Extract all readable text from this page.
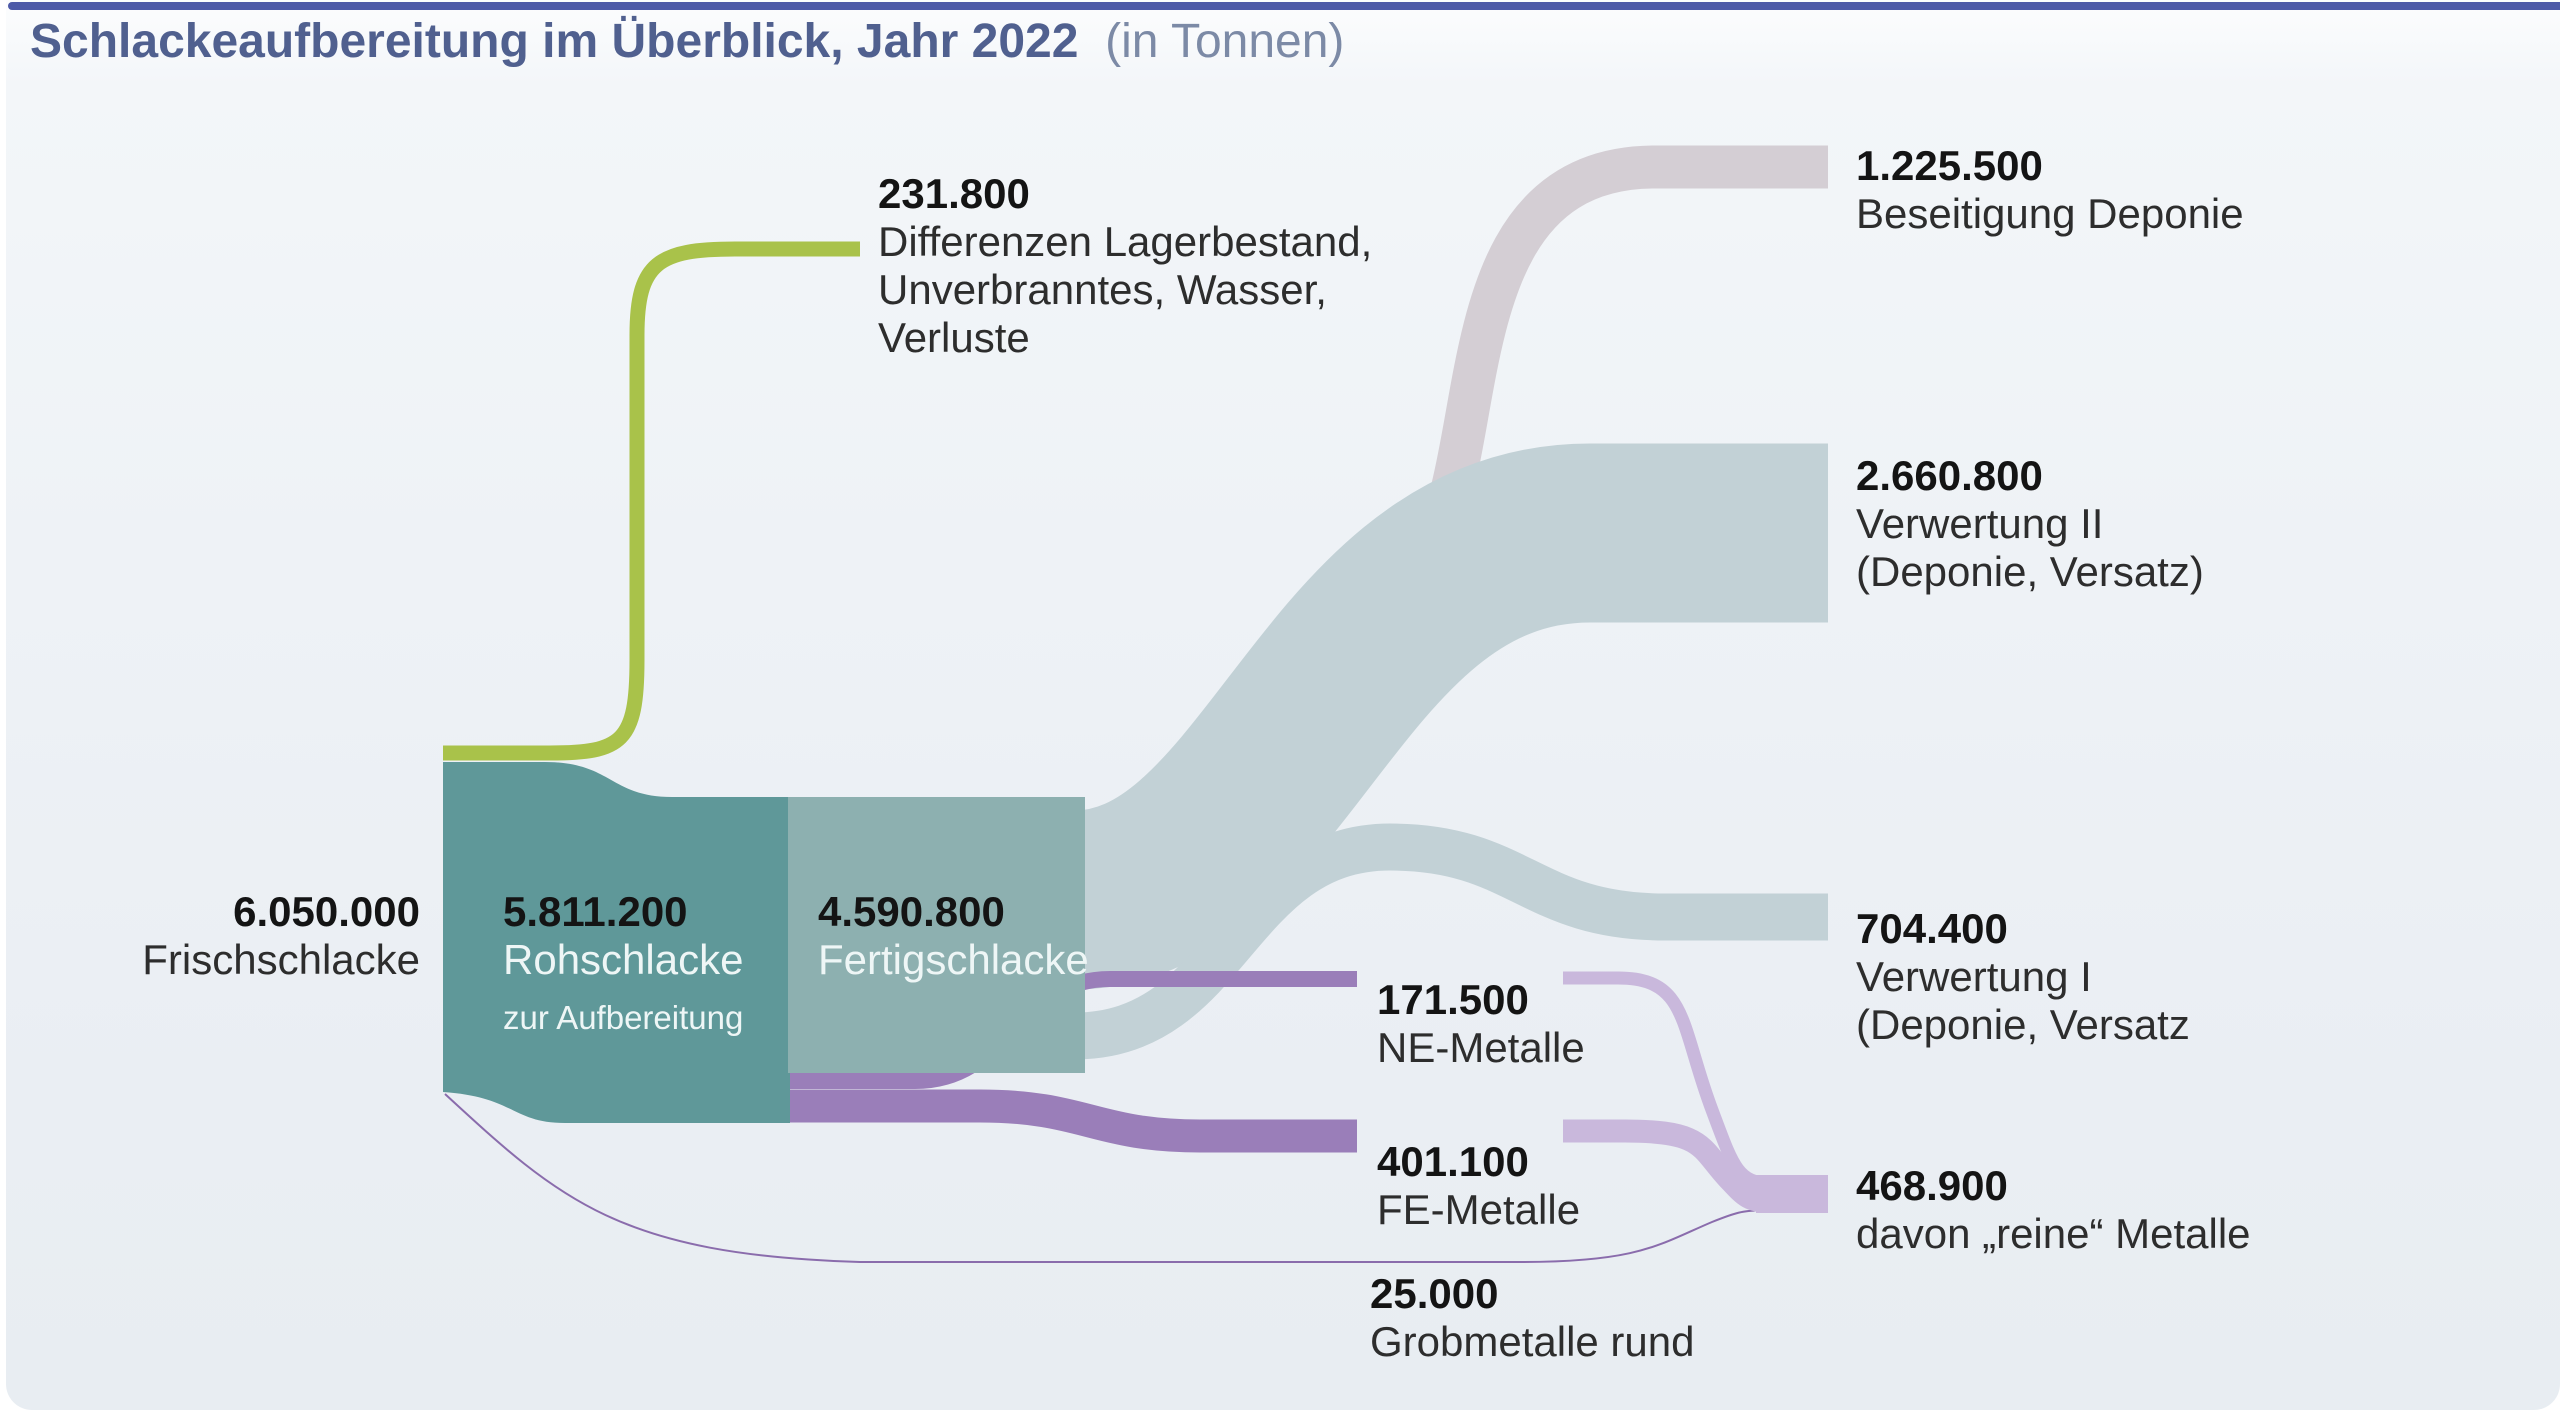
Schlackeaufbereitung im Überblick, Jahr 2022 (in Tonnen)
6.050.000
Frischschlacke
5.811.200
Rohschlacke
zur Aufbereitung
4.590.800
Fertigschlacke
231.800
Differenzen Lagerbestand,
Unverbranntes, Wasser,
Verluste
1.225.500
Beseitigung Deponie
2.660.800
Verwertung II
(Deponie, Versatz)
704.400
Verwertung I
(Deponie, Versatz
468.900
davon „reine“ Metalle
171.500
NE-Metalle
401.100
FE-Metalle
25.000
Grobmetalle rund
